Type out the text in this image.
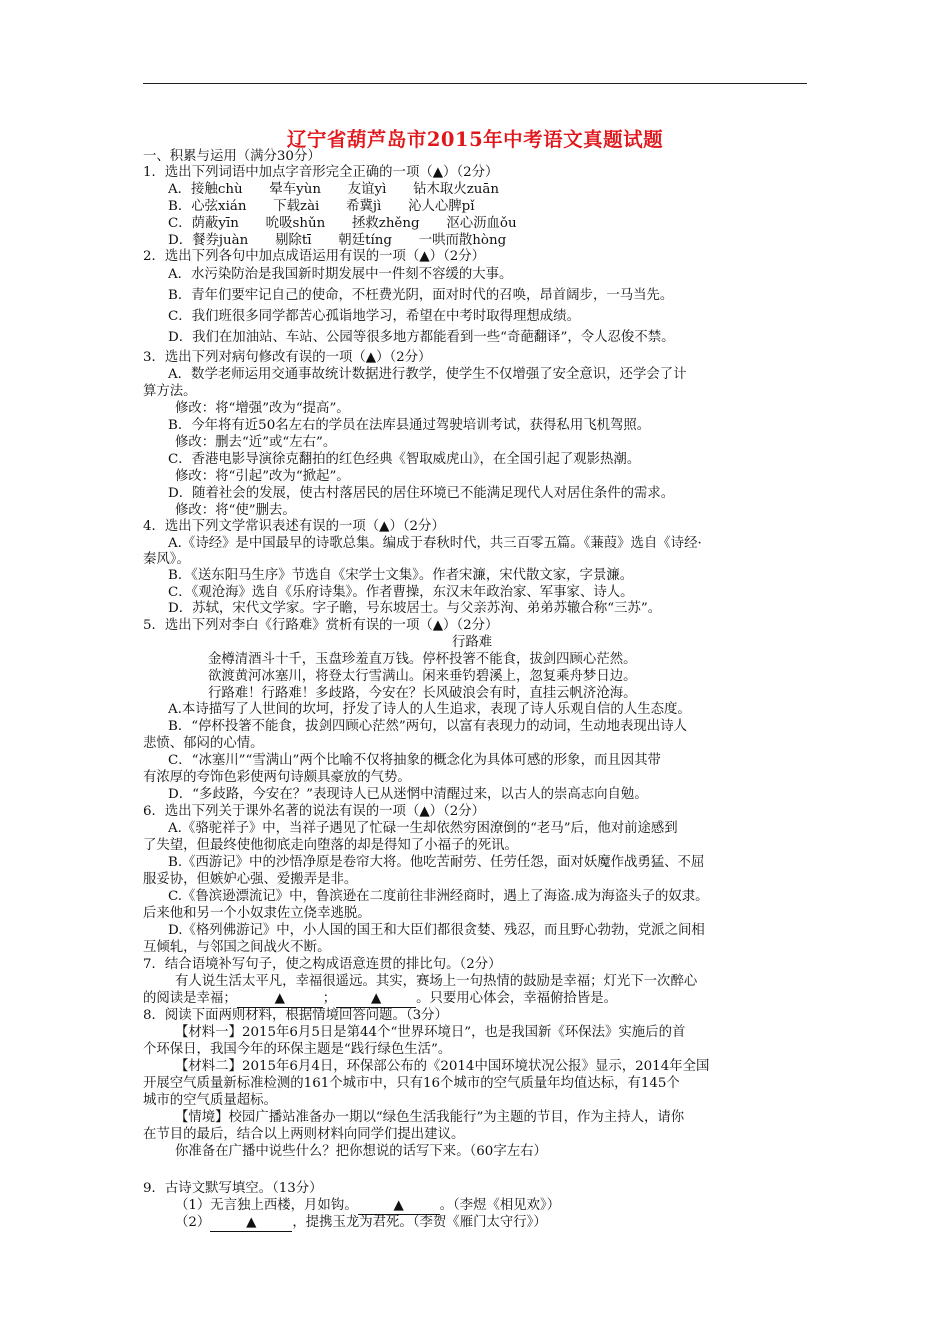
辽宁省葫芦岛市2015年中考语文真题试题
一、积累与运用（满分30分）
1．选出下列词语中加点字音形完全正确的一项（▲）（2分）
A．接触chù　　晕车yùn　　友谊yì　　钻木取火zuān
B．心弦xián　　下载zài　　希冀jì　　沁人心脾pǐ
C．荫蔽yīn　　吮吸shǔn　　拯救zhěng　　沤心沥血ǒu
D．餐券juàn　　剔除tī　　朝廷tíng　　一哄而散hòng
2．选出下列各句中加点成语运用有误的一项（▲）（2分）
A．水污染防治是我国新时期发展中一件刻不容缓的大事。
B．青年们要牢记自己的使命，不枉费光阴，面对时代的召唤，昂首阔步，一马当先。
C．我们班很多同学都苦心孤诣地学习，希望在中考时取得理想成绩。
D．我们在加油站、车站、公园等很多地方都能看到一些“奇葩翻译”，令人忍俊不禁。
3．选出下列对病句修改有误的一项（▲）（2分）
A．数学老师运用交通事故统计数据进行教学，使学生不仅增强了安全意识，还学会了计
算方法。
修改：将“增强”改为“提高”。
B．今年将有近50名左右的学员在法库县通过驾驶培训考试，获得私用飞机驾照。
修改：删去“近”或“左右”。
C．香港电影导演徐克翻拍的红色经典《智取威虎山》，在全国引起了观影热潮。
修改：将“引起”改为“掀起”。
D．随着社会的发展，使古村落居民的居住环境已不能满足现代人对居住条件的需求。
修改：将“使”删去。
4．选出下列文学常识表述有误的一项（▲）（2分）
A.《诗经》是中国最早的诗歌总集。编成于春秋时代，共三百零五篇。《蒹葭》选自《诗经·
秦风》。
B．《送东阳马生序》节选自《宋学士文集》。作者宋濂，宋代散文家，字景濂。
C．《观沧海》选自《乐府诗集》。作者曹操，东汉末年政治家、军事家、诗人。
D．苏轼，宋代文学家。字子瞻，号东坡居士。与父亲苏洵、弟弟苏辙合称“三苏”。
5．选出下列对李白《行路难》赏析有误的一项（▲）（2分）
行路难
金樽清酒斗十千，玉盘珍羞直万钱。停杯投箸不能食，拔剑四顾心茫然。
欲渡黄河冰塞川，将登太行雪满山。闲来垂钓碧溪上，忽复乘舟梦日边。
行路难！行路难！多歧路，今安在？长风破浪会有时，直挂云帆济沧海。
A.本诗描写了人世间的坎坷，抒发了诗人的人生追求，表现了诗人乐观自信的人生态度。
B．“停杯投箸不能食，拔剑四顾心茫然”两句，以富有表现力的动词，生动地表现出诗人
悲愤、郁闷的心情。
C．“冰塞川”“雪满山”两个比喻不仅将抽象的概念化为具体可感的形象，而且因其带
有浓厚的夸饰色彩使两句诗颇具豪放的气势。
D．“多歧路，今安在？”表现诗人已从迷惘中清醒过来，以古人的崇高志向自勉。
6．选出下列关于课外名著的说法有误的一项（▲）（2分）
A.《骆驼祥子》中，当祥子遇见了忙碌一生却依然穷困潦倒的“老马”后，他对前途感到
了失望，但最终使他彻底走向堕落的却是得知了小福子的死讯。
B.《西游记》中的沙悟净原是卷帘大将。他吃苦耐劳、任劳任怨，面对妖魔作战勇猛、不屈
服妥协，但嫉妒心强、爱搬弄是非。
C.《鲁滨逊漂流记》中，鲁滨逊在二度前往非洲经商时，遇上了海盗.成为海盗头子的奴隶。
后来他和另一个小奴隶佐立侥幸逃脱。
D.《格列佛游记》中，小人国的国王和大臣们都很贪婪、残忍，而且野心勃勃，党派之间相
互倾轧，与邻国之间战火不断。
7．结合语境补写句子，使之构成语意连贯的排比句。（2分）
有人说生活太平凡，幸福很遥远。其实，赛场上一句热情的鼓励是幸福；灯光下一次醉心
的阅读是幸福；	▲	；	▲	。只要用心体会，幸福俯拾皆是。
8．阅读下面两则材料，根据情境回答问题。（3分）
【材料一】2015年6月5日是第44个“世界环境日”，也是我国新《环保法》实施后的首
个环保日，我国今年的环保主题是“践行绿色生活”。
【材料二】2015年6月4日，环保部公布的《2014中国环境状况公报》显示，2014年全国
开展空气质量新标准检测的161个城市中，只有16个城市的空气质量年均值达标，有145个
城市的空气质量超标。
【情境】校园广播站准备办一期以“绿色生活我能行”为主题的节目，作为主持人，请你
在节目的最后，结合以上两则材料向同学们提出建议。
你准备在广播中说些什么？把你想说的话写下来。（60字左右）
9．古诗文默写填空。（13分）
（1）无言独上西楼，月如钩。	▲	。（李煜《相见欢》）
（2）	▲	，提携玉龙为君死。（李贺《雁门太守行》）
